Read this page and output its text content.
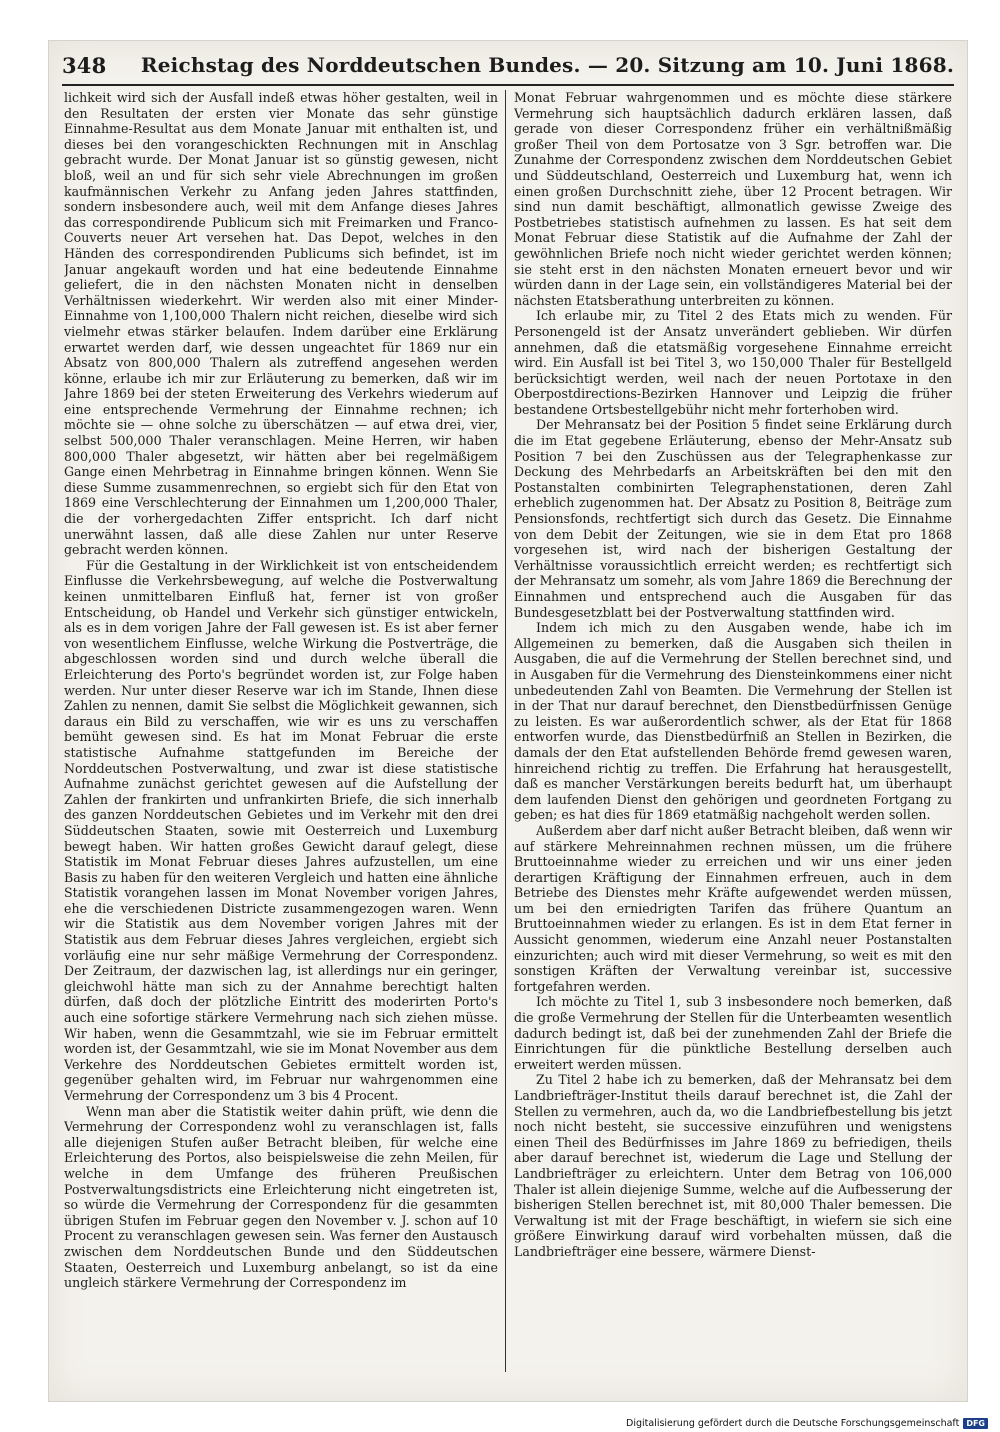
348 Reichstag des Norddeutschen Bundes. — 20. Sitzung am 10. Juni 1868.

lichkeit wird sich der Ausfall indeß etwas höher gestalten, weil in den Resultaten der ersten vier Monate das sehr günstige Einnahme-Resultat aus dem Monate Januar mit enthalten ist, und dieses bei den vorangeschickten Rechnungen mit in Anschlag gebracht wurde. Der Monat Januar ist so günstig gewesen, nicht bloß, weil an und für sich sehr viele Abrechnungen im großen kaufmännischen Verkehr zu Anfang jeden Jahres stattfinden, sondern insbesondere auch, weil mit dem Anfange dieses Jahres das correspondirende Publicum sich mit Freimarken und Franco-Couverts neuer Art versehen hat. Das Depot, welches in den Händen des correspondirenden Publicums sich befindet, ist im Januar angekauft worden und hat eine bedeutende Einnahme geliefert, die in den nächsten Monaten nicht in denselben Verhältnissen wiederkehrt. Wir werden also mit einer Minder-Einnahme von 1,100,000 Thalern nicht reichen, dieselbe wird sich vielmehr etwas stärker belaufen. Indem darüber eine Erklärung erwartet werden darf, wie dessen ungeachtet für 1869 nur ein Absatz von 800,000 Thalern als zutreffend angesehen werden könne, erlaube ich mir zur Erläuterung zu bemerken, daß wir im Jahre 1869 bei der steten Erweiterung des Verkehrs wiederum auf eine entsprechende Vermehrung der Einnahme rechnen; ich möchte sie — ohne solche zu überschätzen — auf etwa drei, vier, selbst 500,000 Thaler veranschlagen. Meine Herren, wir haben 800,000 Thaler abgesetzt, wir hätten aber bei regelmäßigem Gange einen Mehrbetrag in Einnahme bringen können. Wenn Sie diese Summe zusammenrechnen, so ergiebt sich für den Etat von 1869 eine Verschlechterung der Einnahmen um 1,200,000 Thaler, die der vorhergedachten Ziffer entspricht. Ich darf nicht unerwähnt lassen, daß alle diese Zahlen nur unter Reserve gebracht werden können.

Für die Gestaltung in der Wirklichkeit ist von entscheidendem Einflusse die Verkehrsbewegung, auf welche die Postverwaltung keinen unmittelbaren Einfluß hat, ferner ist von großer Entscheidung, ob Handel und Verkehr sich günstiger entwickeln, als es in dem vorigen Jahre der Fall gewesen ist. Es ist aber ferner von wesentlichem Einflusse, welche Wirkung die Postverträge, die abgeschlossen worden sind und durch welche überall die Erleichterung des Porto's begründet worden ist, zur Folge haben werden. Nur unter dieser Reserve war ich im Stande, Ihnen diese Zahlen zu nennen, damit Sie selbst die Möglichkeit gewannen, sich daraus ein Bild zu verschaffen, wie wir es uns zu verschaffen bemüht gewesen sind. Es hat im Monat Februar die erste statistische Aufnahme stattgefunden im Bereiche der Norddeutschen Postverwaltung, und zwar ist diese statistische Aufnahme zunächst gerichtet gewesen auf die Aufstellung der Zahlen der frankirten und unfrankirten Briefe, die sich innerhalb des ganzen Norddeutschen Gebietes und im Verkehr mit den drei Süddeutschen Staaten, sowie mit Oesterreich und Luxemburg bewegt haben. Wir hatten großes Gewicht darauf gelegt, diese Statistik im Monat Februar dieses Jahres aufzustellen, um eine Basis zu haben für den weiteren Vergleich und hatten eine ähnliche Statistik vorangehen lassen im Monat November vorigen Jahres, ehe die verschiedenen Districte zusammengezogen waren. Wenn wir die Statistik aus dem November vorigen Jahres mit der Statistik aus dem Februar dieses Jahres vergleichen, ergiebt sich vorläufig eine nur sehr mäßige Vermehrung der Correspondenz. Der Zeitraum, der dazwischen lag, ist allerdings nur ein geringer, gleichwohl hätte man sich zu der Annahme berechtigt halten dürfen, daß doch der plötzliche Eintritt des moderirten Porto's auch eine sofortige stärkere Vermehrung nach sich ziehen müsse. Wir haben, wenn die Gesammtzahl, wie sie im Februar ermittelt worden ist, der Gesammtzahl, wie sie im Monat November aus dem Verkehre des Norddeutschen Gebietes ermittelt worden ist, gegenüber gehalten wird, im Februar nur wahrgenommen eine Vermehrung der Correspondenz um 3 bis 4 Procent.

Wenn man aber die Statistik weiter dahin prüft, wie denn die Vermehrung der Correspondenz wohl zu veranschlagen ist, falls alle diejenigen Stufen außer Betracht bleiben, für welche eine Erleichterung des Portos, also beispielsweise die zehn Meilen, für welche in dem Umfange des früheren Preußischen Postverwaltungsdistricts eine Erleichterung nicht eingetreten ist, so würde die Vermehrung der Correspondenz für die gesammten übrigen Stufen im Februar gegen den November v. J. schon auf 10 Procent zu veranschlagen gewesen sein. Was ferner den Austausch zwischen dem Norddeutschen Bunde und den Süddeutschen Staaten, Oesterreich und Luxemburg anbelangt, so ist da eine ungleich stärkere Vermehrung der Correspondenz im

Monat Februar wahrgenommen und es möchte diese stärkere Vermehrung sich hauptsächlich dadurch erklären lassen, daß gerade von dieser Correspondenz früher ein verhältnißmäßig großer Theil von dem Portosatze von 3 Sgr. betroffen war. Die Zunahme der Correspondenz zwischen dem Norddeutschen Gebiet und Süddeutschland, Oesterreich und Luxemburg hat, wenn ich einen großen Durchschnitt ziehe, über 12 Procent betragen. Wir sind nun damit beschäftigt, allmonatlich gewisse Zweige des Postbetriebes statistisch aufnehmen zu lassen. Es hat seit dem Monat Februar diese Statistik auf die Aufnahme der Zahl der gewöhnlichen Briefe noch nicht wieder gerichtet werden können; sie steht erst in den nächsten Monaten erneuert bevor und wir würden dann in der Lage sein, ein vollständigeres Material bei der nächsten Etatsberathung unterbreiten zu können.

Ich erlaube mir, zu Titel 2 des Etats mich zu wenden. Für Personengeld ist der Ansatz unverändert geblieben. Wir dürfen annehmen, daß die etatsmäßig vorgesehene Einnahme erreicht wird. Ein Ausfall ist bei Titel 3, wo 150,000 Thaler für Bestellgeld berücksichtigt werden, weil nach der neuen Portotaxe in den Oberpostdirections-Bezirken Hannover und Leipzig die früher bestandene Ortsbestellgebühr nicht mehr forterhoben wird.

Der Mehransatz bei der Position 5 findet seine Erklärung durch die im Etat gegebene Erläuterung, ebenso der Mehr-Ansatz sub Position 7 bei den Zuschüssen aus der Telegraphenkasse zur Deckung des Mehrbedarfs an Arbeitskräften bei den mit den Postanstalten combinirten Telegraphenstationen, deren Zahl erheblich zugenommen hat. Der Absatz zu Position 8, Beiträge zum Pensionsfonds, rechtfertigt sich durch das Gesetz. Die Einnahme von dem Debit der Zeitungen, wie sie in dem Etat pro 1868 vorgesehen ist, wird nach der bisherigen Gestaltung der Verhältnisse voraussichtlich erreicht werden; es rechtfertigt sich der Mehransatz um somehr, als vom Jahre 1869 die Berechnung der Einnahmen und entsprechend auch die Ausgaben für das Bundesgesetzblatt bei der Postverwaltung stattfinden wird.

Indem ich mich zu den Ausgaben wende, habe ich im Allgemeinen zu bemerken, daß die Ausgaben sich theilen in Ausgaben, die auf die Vermehrung der Stellen berechnet sind, und in Ausgaben für die Vermehrung des Diensteinkommens einer nicht unbedeutenden Zahl von Beamten. Die Vermehrung der Stellen ist in der That nur darauf berechnet, den Dienstbedürfnissen Genüge zu leisten. Es war außerordentlich schwer, als der Etat für 1868 entworfen wurde, das Dienstbedürfniß an Stellen in Bezirken, die damals der den Etat aufstellenden Behörde fremd gewesen waren, hinreichend richtig zu treffen. Die Erfahrung hat herausgestellt, daß es mancher Verstärkungen bereits bedurft hat, um überhaupt dem laufenden Dienst den gehörigen und geordneten Fortgang zu geben; es hat dies für 1869 etatmäßig nachgeholt werden sollen.

Außerdem aber darf nicht außer Betracht bleiben, daß wenn wir auf stärkere Mehreinnahmen rechnen müssen, um die frühere Bruttoeinnahme wieder zu erreichen und wir uns einer jeden derartigen Kräftigung der Einnahmen erfreuen, auch in dem Betriebe des Dienstes mehr Kräfte aufgewendet werden müssen, um bei den erniedrigten Tarifen das frühere Quantum an Bruttoeinnahmen wieder zu erlangen. Es ist in dem Etat ferner in Aussicht genommen, wiederum eine Anzahl neuer Postanstalten einzurichten; auch wird mit dieser Vermehrung, so weit es mit den sonstigen Kräften der Verwaltung vereinbar ist, successive fortgefahren werden.

Ich möchte zu Titel 1, sub 3 insbesondere noch bemerken, daß die große Vermehrung der Stellen für die Unterbeamten wesentlich dadurch bedingt ist, daß bei der zunehmenden Zahl der Briefe die Einrichtungen für die pünktliche Bestellung derselben auch erweitert werden müssen.

Zu Titel 2 habe ich zu bemerken, daß der Mehransatz bei dem Landbriefträger-Institut theils darauf berechnet ist, die Zahl der Stellen zu vermehren, auch da, wo die Landbriefbestellung bis jetzt noch nicht besteht, sie successive einzuführen und wenigstens einen Theil des Bedürfnisses im Jahre 1869 zu befriedigen, theils aber darauf berechnet ist, wiederum die Lage und Stellung der Landbriefträger zu erleichtern. Unter dem Betrag von 106,000 Thaler ist allein diejenige Summe, welche auf die Aufbesserung der bisherigen Stellen berechnet ist, mit 80,000 Thaler bemessen. Die Verwaltung ist mit der Frage beschäftigt, in wiefern sie sich eine größere Einwirkung darauf wird vorbehalten müssen, daß die Landbriefträger eine bessere, wärmere Dienst-

Digitalisierung gefördert durch die Deutsche Forschungsgemeinschaft DFG
